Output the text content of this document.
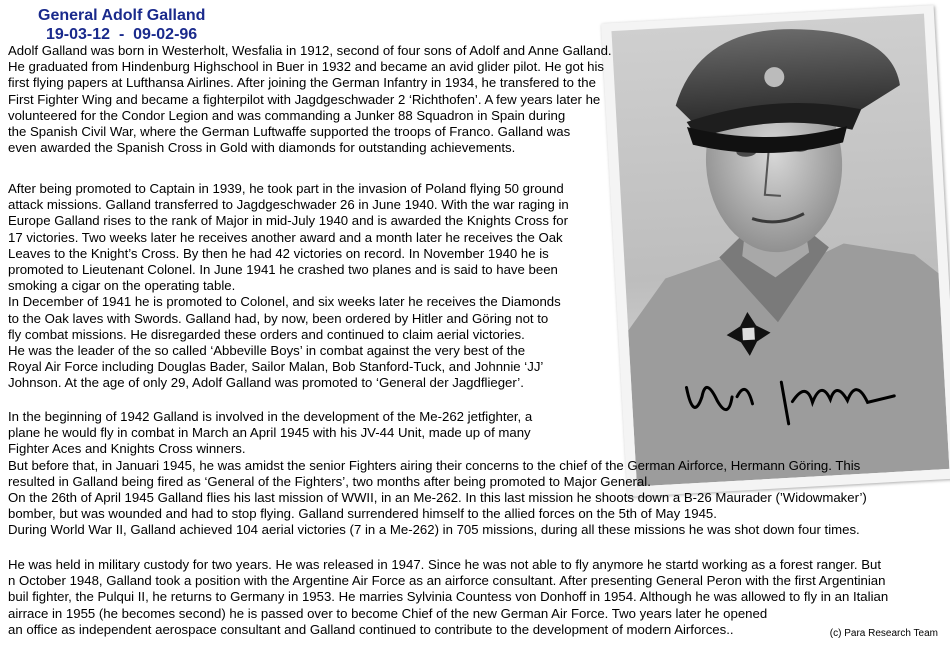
General Adolf Galland
19-03-12  -  09-02-96
Adolf Galland was born in Westerholt, Wesfalia in 1912, second of four sons of Adolf and Anne Galland.
He graduated from Hindenburg Highschool in Buer in 1932 and became an avid glider pilot. He got his
first flying papers at Lufthansa Airlines. After joining the German Infantry in 1934, he transfered to the
First Fighter Wing and became a fighterpilot with Jagdgeschwader 2 ‘Richthofen’. A few years later he
volunteered for the Condor Legion and was commanding a Junker 88 Squadron in Spain during
the Spanish Civil War, where the German Luftwaffe supported the troops of Franco. Galland was
even awarded the Spanish Cross in Gold with diamonds for outstanding achievements.
After being promoted to Captain in 1939, he took part in the invasion of Poland flying 50 ground
attack missions. Galland transferred to Jagdgeschwader 26 in June 1940. With the war raging in
Europe Galland rises to the rank of Major in mid-July 1940 and is awarded the Knights Cross for
17 victories. Two weeks later he receives another award and a month later he receives the Oak
Leaves to the Knight’s Cross. By then he had 42 victories on record. In November 1940 he is
promoted to Lieutenant Colonel. In June 1941 he crashed two planes and is said to have been
smoking a cigar on the operating table.
In December of 1941 he is promoted to Colonel, and six weeks later he receives the Diamonds
to the Oak laves with Swords. Galland had, by now, been ordered by Hitler and Göring not to
fly combat missions. He disregarded these orders and continued to claim aerial victories.
He was the leader of the so called ‘Abbeville Boys’ in combat against the very best of the
Royal Air Force including Douglas Bader, Sailor Malan, Bob Stanford-Tuck, and Johnnie ‘JJ’
Johnson. At the age of only 29, Adolf Galland was promoted to ‘General der Jagdflieger’.
In the beginning of 1942 Galland is involved in the development of the Me-262 jetfighter, a
plane he would fly in combat in March an April 1945 with his JV-44 Unit, made up of many
Fighter Aces and Knights Cross winners.
But before that, in Januari 1945, he was amidst the senior Fighters airing their concerns to the chief of the German Airforce, Hermann Göring. This
resulted in Galland being fired as ‘General of the Fighters’, two months after being promoted to Major General.
On the 26th of April 1945 Galland flies his last mission of WWII, in an Me-262. In this last mission he shoots down a B-26 Maurader (’Widowmaker’)
bomber, but was wounded and had to stop flying. Galland surrendered himself to the allied forces on the 5th of May 1945.
During World War II, Galland achieved 104 aerial victories (7 in a Me-262) in 705 missions, during all these missions he was shot down four times.
He was held in military custody for two years. He was released in 1947. Since he was not able to fly anymore he startd working as a forest ranger. But
n October 1948, Galland took a position with the Argentine Air Force as an airforce consultant. After presenting General Peron with the first Argentinian
buil fighter, the Pulqui II, he returns to Germany in 1953. He marries Sylvinia Countess von Donhoff in 1954. Although he was allowed to fly in an Italian
airrace in 1955 (he becomes second) he is passed over to become Chief of the new German Air Force. Two years later he opened
an office as independent aerospace consultant and Galland continued to contribute to the development of modern Airforces..	(c) Para Research Team
